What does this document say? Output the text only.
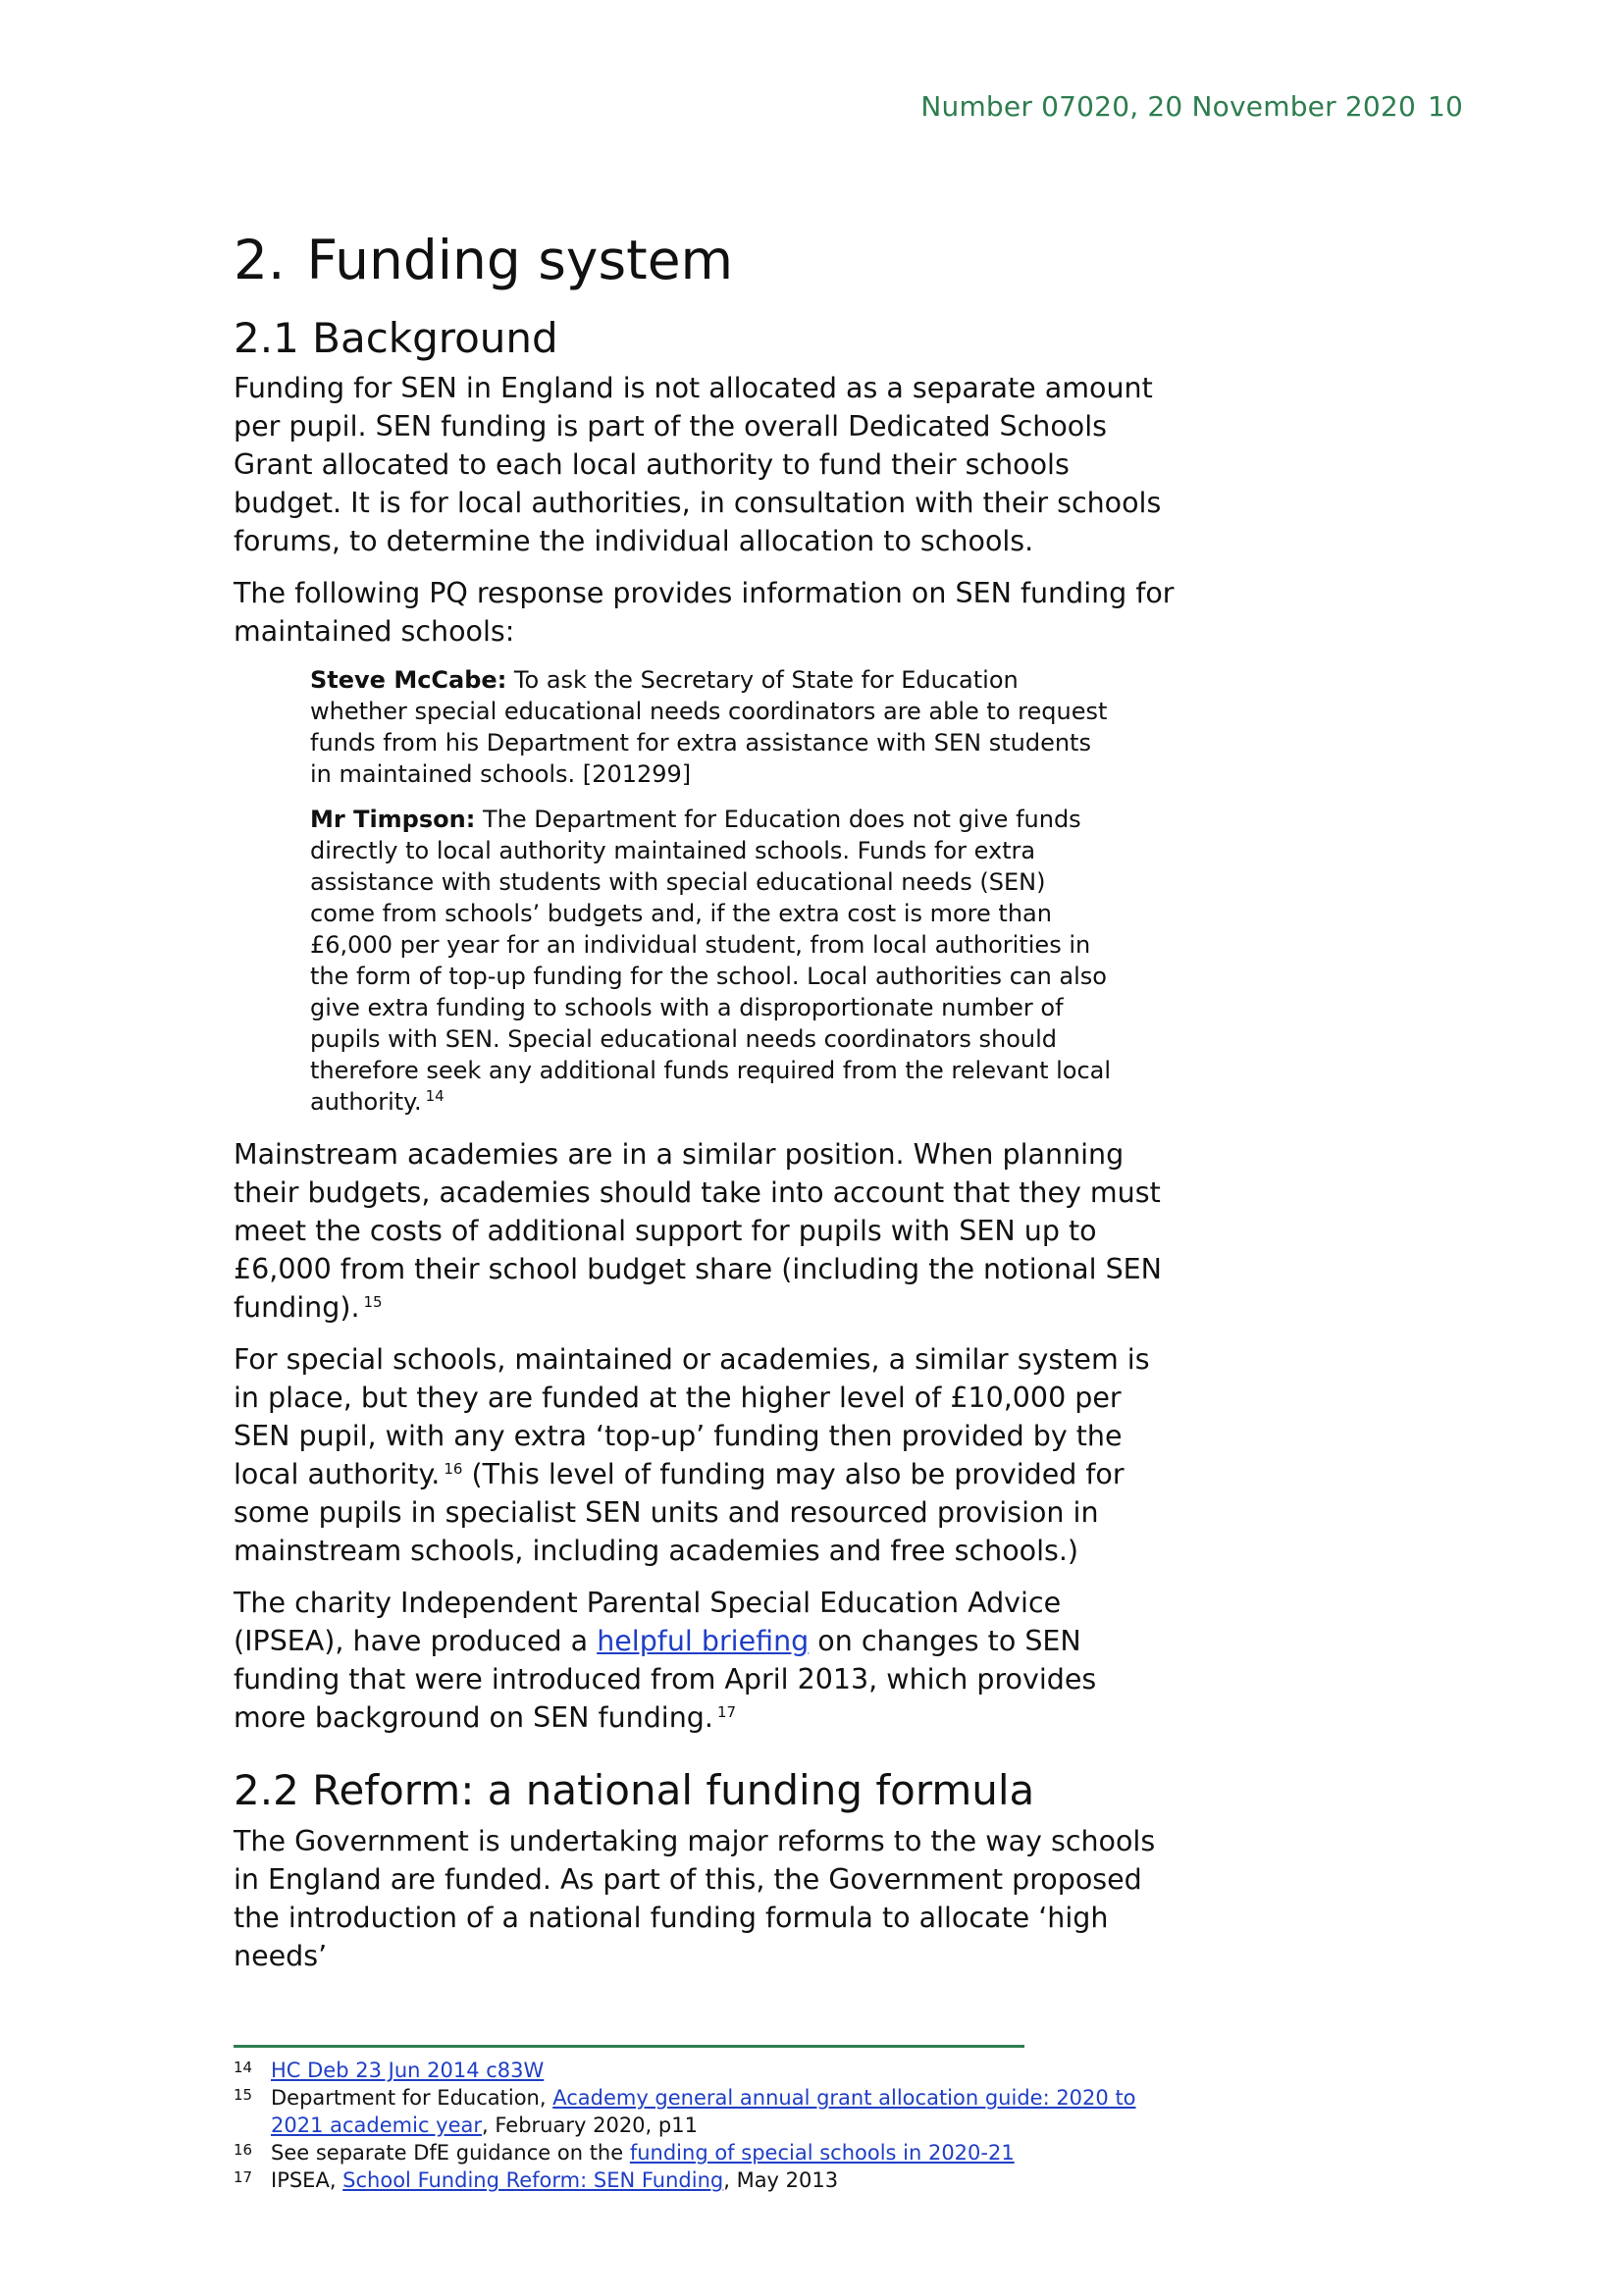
Number 07020, 20 November 2020 10
2. Funding system
2.1 Background

Funding for SEN in England is not allocated as a separate amount per pupil. SEN funding is part of the overall Dedicated Schools Grant allocated to each local authority to fund their schools budget. It is for local authorities, in consultation with their schools forums, to determine the individual allocation to schools.

The following PQ response provides information on SEN funding for maintained schools:

Steve McCabe: To ask the Secretary of State for Education whether special educational needs coordinators are able to request funds from his Department for extra assistance with SEN students in maintained schools. [201299]

Mr Timpson: The Department for Education does not give funds directly to local authority maintained schools. Funds for extra assistance with students with special educational needs (SEN) come from schools’ budgets and, if the extra cost is more than £6,000 per year for an individual student, from local authorities in the form of top-up funding for the school. Local authorities can also give extra funding to schools with a disproportionate number of pupils with SEN. Special educational needs coordinators should therefore seek any additional funds required from the relevant local authority. $^{14}$

Mainstream academies are in a similar position. When planning their budgets, academies should take into account that they must meet the costs of additional support for pupils with SEN up to £6,000 from their school budget share (including the notional SEN funding). $^{15}$

For special schools, maintained or academies, a similar system is in place, but they are funded at the higher level of £10,000 per SEN pupil, with any extra ‘top-up’ funding then provided by the local authority. $^{16}$ (This level of funding may also be provided for some pupils in specialist SEN units and resourced provision in mainstream schools, including academies and free schools.)

The charity Independent Parental Special Education Advice (IPSEA), have produced a helpful briefing on changes to SEN funding that were introduced from April 2013, which provides more background on SEN funding. $^{17}$

2.2 Reform: a national funding formula

The Government is undertaking major reforms to the way schools in England are funded. As part of this, the Government proposed the introduction of a national funding formula to allocate ‘high needs’

14 HC Deb 23 Jun 2014 c83W
15 Department for Education, Academy general annual grant allocation guide: 2020 to 2021 academic year, February 2020, p11
16 See separate DfE guidance on the funding of special schools in 2020-21
17 IPSEA, School Funding Reform: SEN Funding, May 2013
